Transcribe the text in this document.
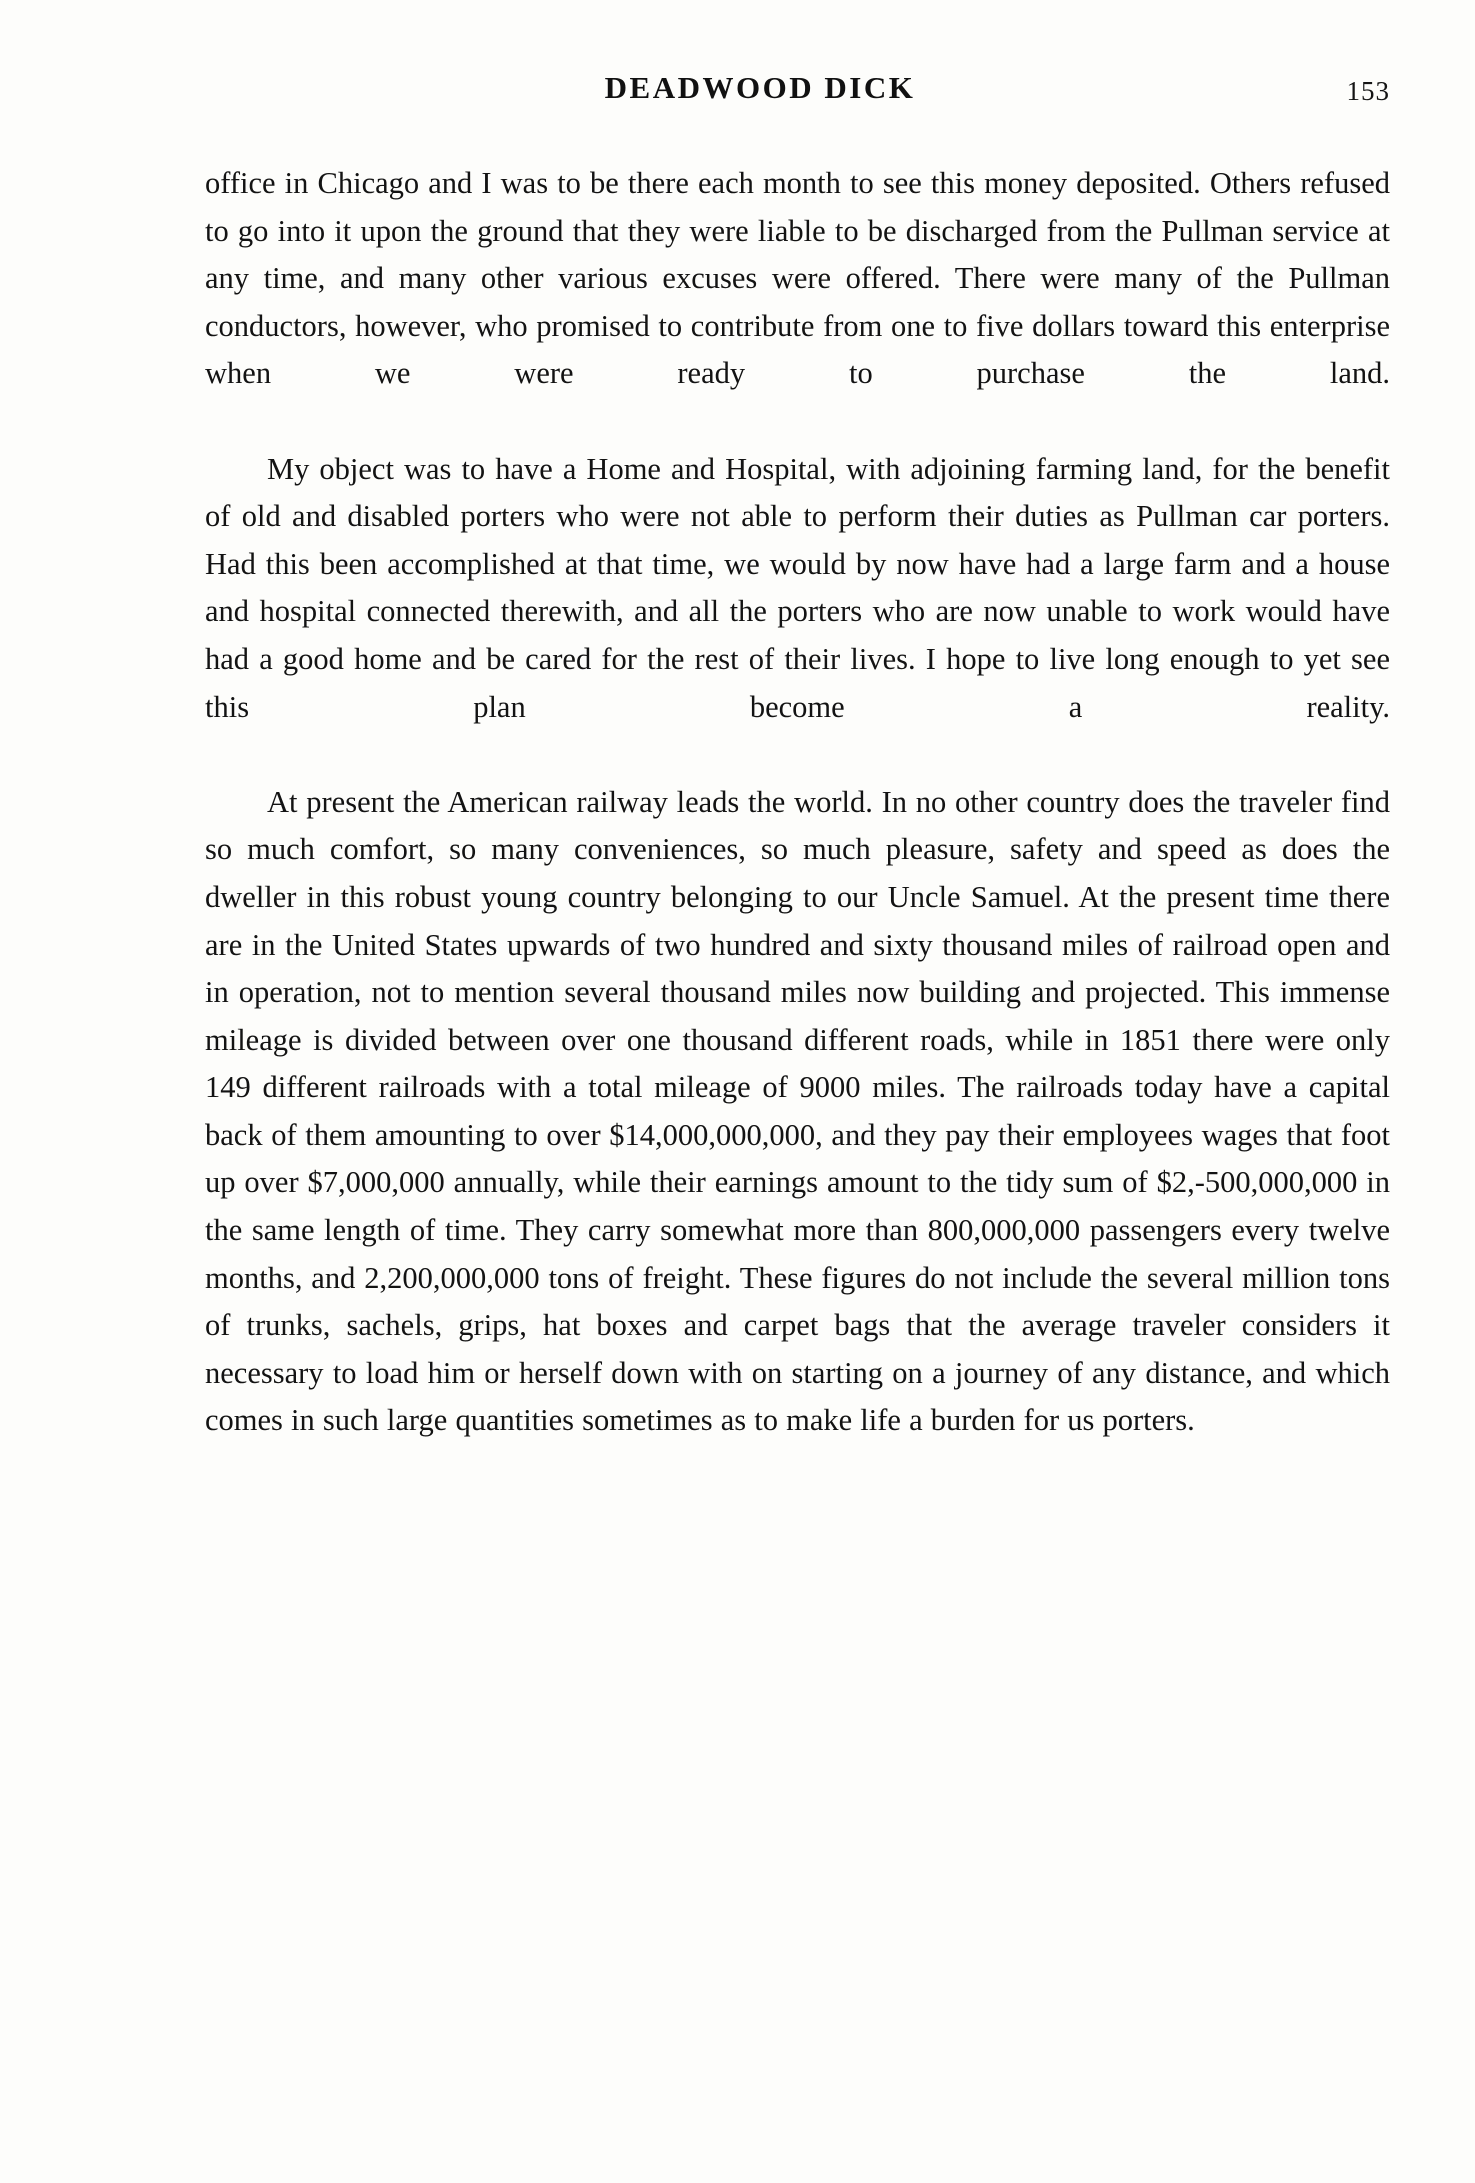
DEADWOOD DICK	153

office in Chicago and I was to be there each month to see this money deposited. Others refused to go into it upon the ground that they were liable to be discharged from the Pullman service at any time, and many other various excuses were offered. There were many of the Pullman conductors, however, who promised to contribute from one to five dollars toward this enterprise when we were ready to purchase the land.

My object was to have a Home and Hospital, with adjoining farming land, for the benefit of old and disabled porters who were not able to perform their duties as Pullman car porters. Had this been accomplished at that time, we would by now have had a large farm and a house and hospital connected therewith, and all the porters who are now unable to work would have had a good home and be cared for the rest of their lives. I hope to live long enough to yet see this plan become a reality.

At present the American railway leads the world. In no other country does the traveler find so much comfort, so many conveniences, so much pleasure, safety and speed as does the dweller in this robust young country belonging to our Uncle Samuel. At the present time there are in the United States upwards of two hundred and sixty thousand miles of railroad open and in operation, not to mention several thousand miles now building and projected. This immense mileage is divided between over one thousand different roads, while in 1851 there were only 149 different railroads with a total mileage of 9000 miles. The railroads today have a capital back of them amounting to over $14,000,000,000, and they pay their employees wages that foot up over $7,000,000 annually, while their earnings amount to the tidy sum of $2,-500,000,000 in the same length of time. They carry somewhat more than 800,000,000 passengers every twelve months, and 2,200,000,000 tons of freight. These figures do not include the several million tons of trunks, sachels, grips, hat boxes and carpet bags that the average traveler considers it necessary to load him or herself down with on starting on a journey of any distance, and which comes in such large quantities sometimes as to make life a burden for us porters.
